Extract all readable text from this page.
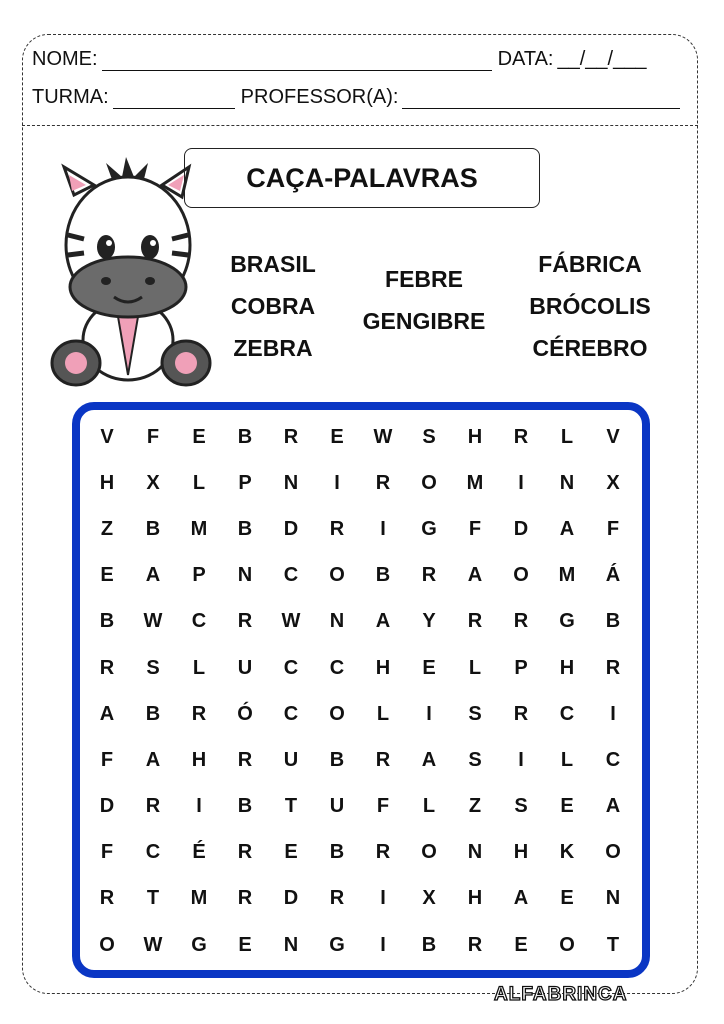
NOME:	DATA: __/__/___
TURMA:	PROFESSOR(A):
CAÇA-PALAVRAS
BRASIL
COBRA
ZEBRA
FEBRE
GENGIBRE
FÁBRICA
BRÓCOLIS
CÉREBRO
V	F	E	B	R	E	W	S	H	R	L	V
H	X	L	P	N	I	R	O	M	I	N	X
Z	B	M	B	D	R	I	G	F	D	A	F
E	A	P	N	C	O	B	R	A	O	M	Á
B	W	C	R	W	N	A	Y	R	R	G	B
R	S	L	U	C	C	H	E	L	P	H	R
A	B	R	Ó	C	O	L	I	S	R	C	I
F	A	H	R	U	B	R	A	S	I	L	C
D	R	I	B	T	U	F	L	Z	S	E	A
F	C	É	R	E	B	R	O	N	H	K	O
R	T	M	R	D	R	I	X	H	A	E	N
O	W	G	E	N	G	I	B	R	E	O	T
ALFABRINCA
